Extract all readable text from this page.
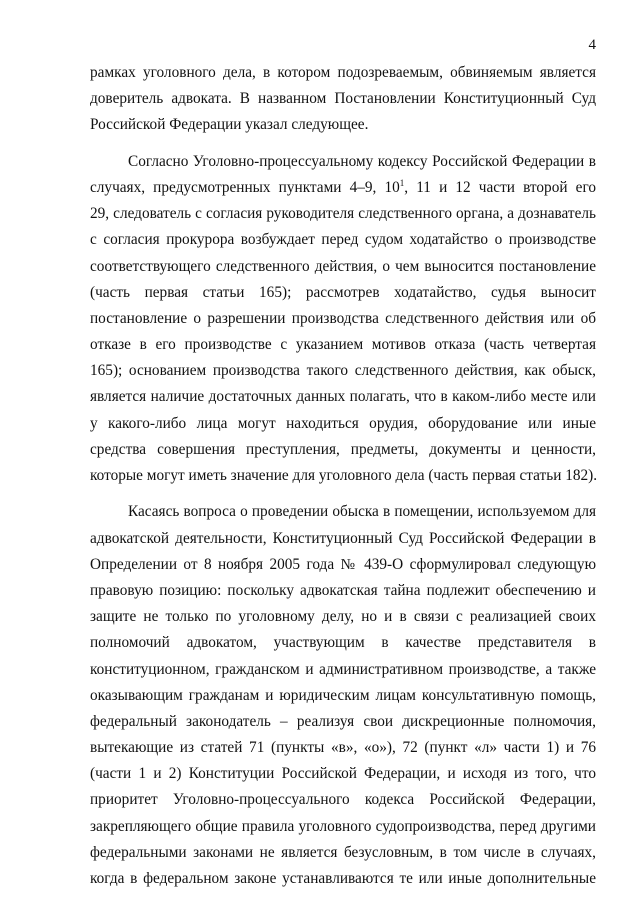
4
рамках уголовного дела, в котором подозреваемым, обвиняемым является
доверитель адвоката. В названном Постановлении Конституционный Суд
Российской Федерации указал следующее.
Согласно Уголовно-процессуальному кодексу Российской Федерации в
случаях, предусмотренных пунктами 4–9, $10^1$, 11 и 12 части второй его
29, следователь с согласия руководителя следственного органа, а дознаватель
с согласия прокурора возбуждает перед судом ходатайство о производстве
соответствующего следственного действия, о чем выносится постановление
(часть первая статьи 165); рассмотрев ходатайство, судья выносит
постановление о разрешении производства следственного действия или об
отказе в его производстве с указанием мотивов отказа (часть четвертая
165); основанием производства такого следственного действия, как обыск,
является наличие достаточных данных полагать, что в каком-либо месте или
у какого-либо лица могут находиться орудия, оборудование или иные
средства совершения преступления, предметы, документы и ценности,
которые могут иметь значение для уголовного дела (часть первая статьи 182).
Касаясь вопроса о проведении обыска в помещении, используемом для
адвокатской деятельности, Конституционный Суд Российской Федерации в
Определении от 8 ноября 2005 года № 439-О сформулировал следующую
правовую позицию: поскольку адвокатская тайна подлежит обеспечению и
защите не только по уголовному делу, но и в связи с реализацией своих
полномочий адвокатом, участвующим в качестве представителя в
конституционном, гражданском и административном производстве, а также
оказывающим гражданам и юридическим лицам консультативную помощь,
федеральный законодатель – реализуя свои дискреционные полномочия,
вытекающие из статей 71 (пункты «в», «о»), 72 (пункт «л» части 1) и 76
(части 1 и 2) Конституции Российской Федерации, и исходя из того, что
приоритет Уголовно-процессуального кодекса Российской Федерации,
закрепляющего общие правила уголовного судопроизводства, перед другими
федеральными законами не является безусловным, в том числе в случаях,
когда в федеральном законе устанавливаются те или иные дополнительные
